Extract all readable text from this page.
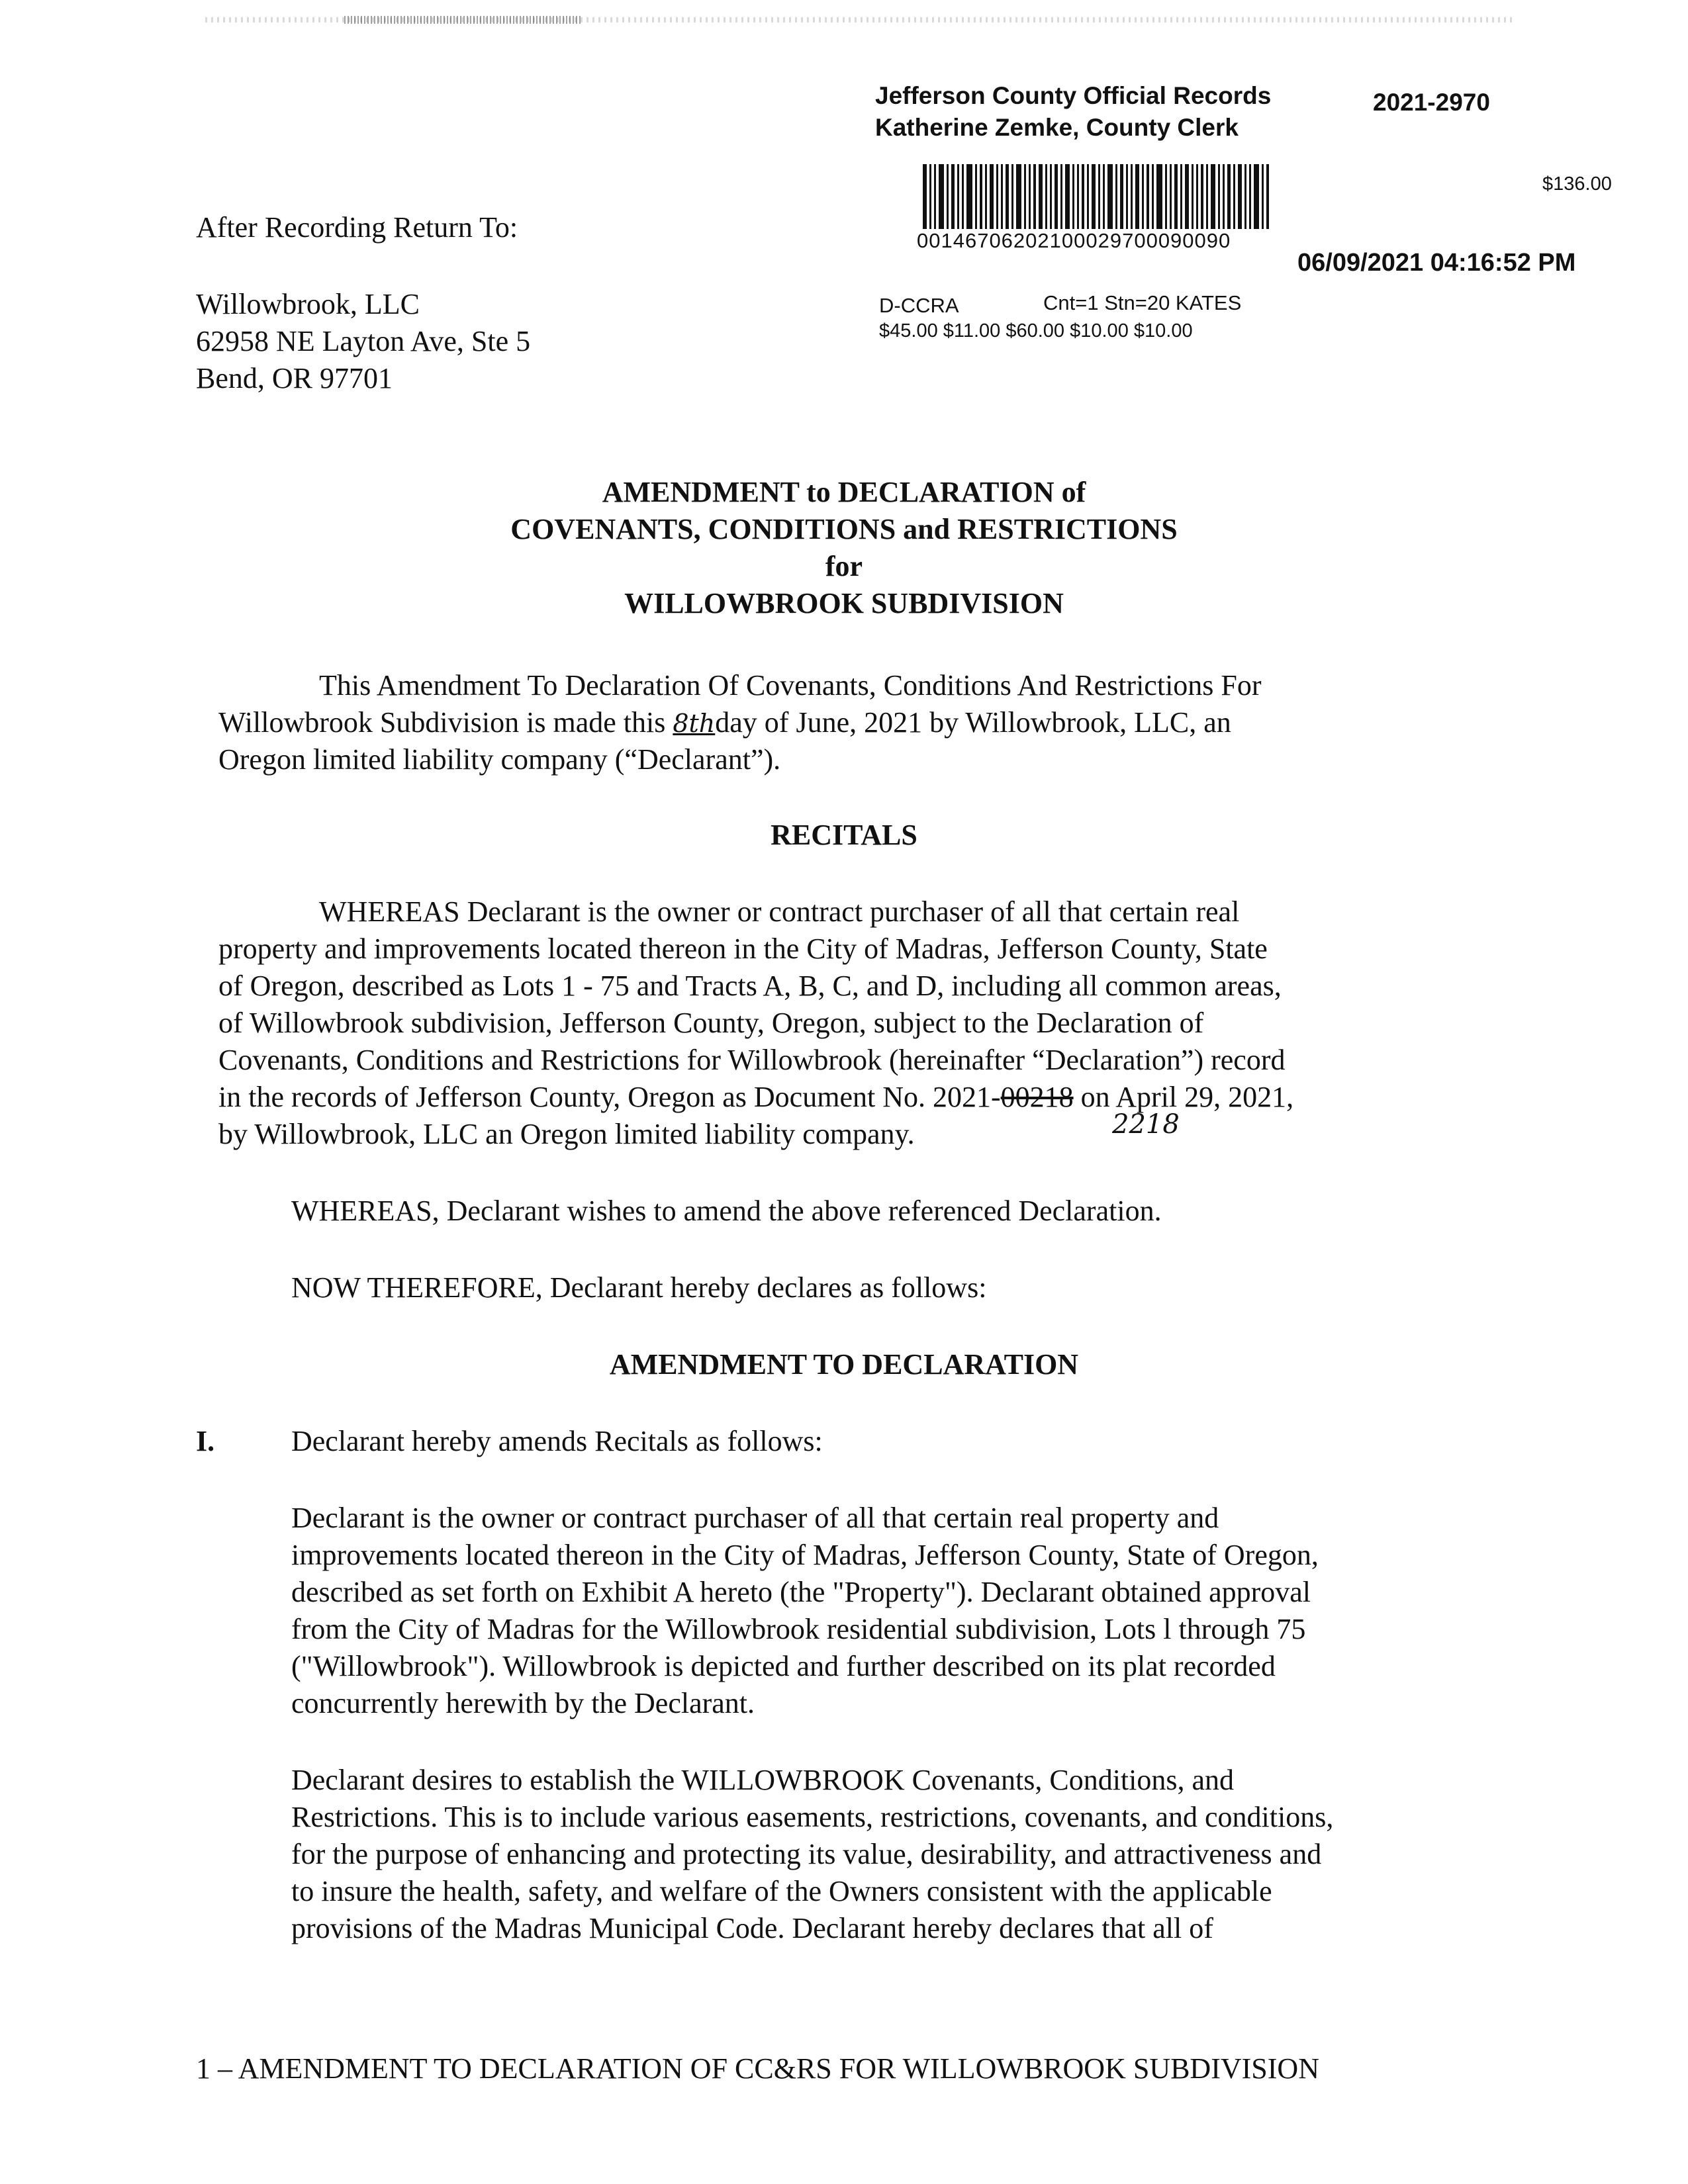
Jefferson County Official Records
Katherine Zemke, County Clerk
2021-2970
$136.00
00146706202100029700090090
06/09/2021 04:16:52 PM
D-CCRA	Cnt=1 Stn=20 KATES
$45.00 $11.00 $60.00 $10.00 $10.00
After Recording Return To:
Willowbrook, LLC
62958 NE Layton Ave, Ste 5
Bend, OR 97701
AMENDMENT to DECLARATION of
COVENANTS, CONDITIONS and RESTRICTIONS
for
WILLOWBROOK SUBDIVISION
This Amendment To Declaration Of Covenants, Conditions And Restrictions For
Willowbrook Subdivision is made this 8thday of June, 2021 by Willowbrook, LLC, an
Oregon limited liability company (“Declarant”).
RECITALS
WHEREAS Declarant is the owner or contract purchaser of all that certain real
property and improvements located thereon in the City of Madras, Jefferson County, State
of Oregon, described as Lots 1 - 75 and Tracts A, B, C, and D, including all common areas,
of Willowbrook subdivision, Jefferson County, Oregon, subject to the Declaration of
Covenants, Conditions and Restrictions for Willowbrook (hereinafter “Declaration”) record
in the records of Jefferson County, Oregon as Document No. 2021-00218 on April 29, 2021,
by Willowbrook, LLC an Oregon limited liability company.	2218
WHEREAS, Declarant wishes to amend the above referenced Declaration.
NOW THEREFORE, Declarant hereby declares as follows:
AMENDMENT TO DECLARATION
I.	Declarant hereby amends Recitals as follows:
Declarant is the owner or contract purchaser of all that certain real property and
improvements located thereon in the City of Madras, Jefferson County, State of Oregon,
described as set forth on Exhibit A hereto (the "Property"). Declarant obtained approval
from the City of Madras for the Willowbrook residential subdivision, Lots l through 75
("Willowbrook"). Willowbrook is depicted and further described on its plat recorded
concurrently herewith by the Declarant.
Declarant desires to establish the WILLOWBROOK Covenants, Conditions, and
Restrictions. This is to include various easements, restrictions, covenants, and conditions,
for the purpose of enhancing and protecting its value, desirability, and attractiveness and
to insure the health, safety, and welfare of the Owners consistent with the applicable
provisions of the Madras Municipal Code. Declarant hereby declares that all of
1 – AMENDMENT TO DECLARATION OF CC&RS FOR WILLOWBROOK SUBDIVISION
